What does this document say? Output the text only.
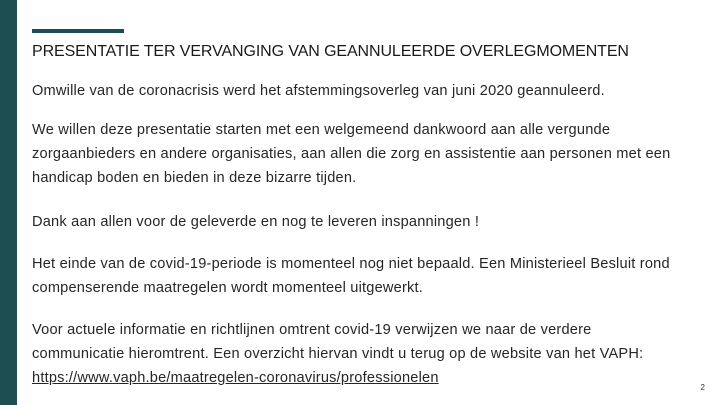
PRESENTATIE TER VERVANGING VAN GEANNULEERDE OVERLEGMOMENTEN
Omwille van de coronacrisis werd het afstemmingsoverleg van juni 2020 geannuleerd.
We willen deze presentatie starten met een welgemeend dankwoord aan alle vergunde zorgaanbieders en andere organisaties, aan allen die zorg en assistentie aan personen met een handicap boden en bieden in deze bizarre tijden.
Dank aan allen voor de geleverde en nog te leveren inspanningen !
Het einde van de covid-19-periode is momenteel nog niet bepaald. Een Ministerieel Besluit rond compenserende maatregelen wordt momenteel uitgewerkt.
Voor actuele informatie en richtlijnen omtrent covid-19 verwijzen we naar de verdere communicatie hieromtrent. Een overzicht hiervan vindt u terug op de website van het VAPH: https://www.vaph.be/maatregelen-coronavirus/professionelen
2
